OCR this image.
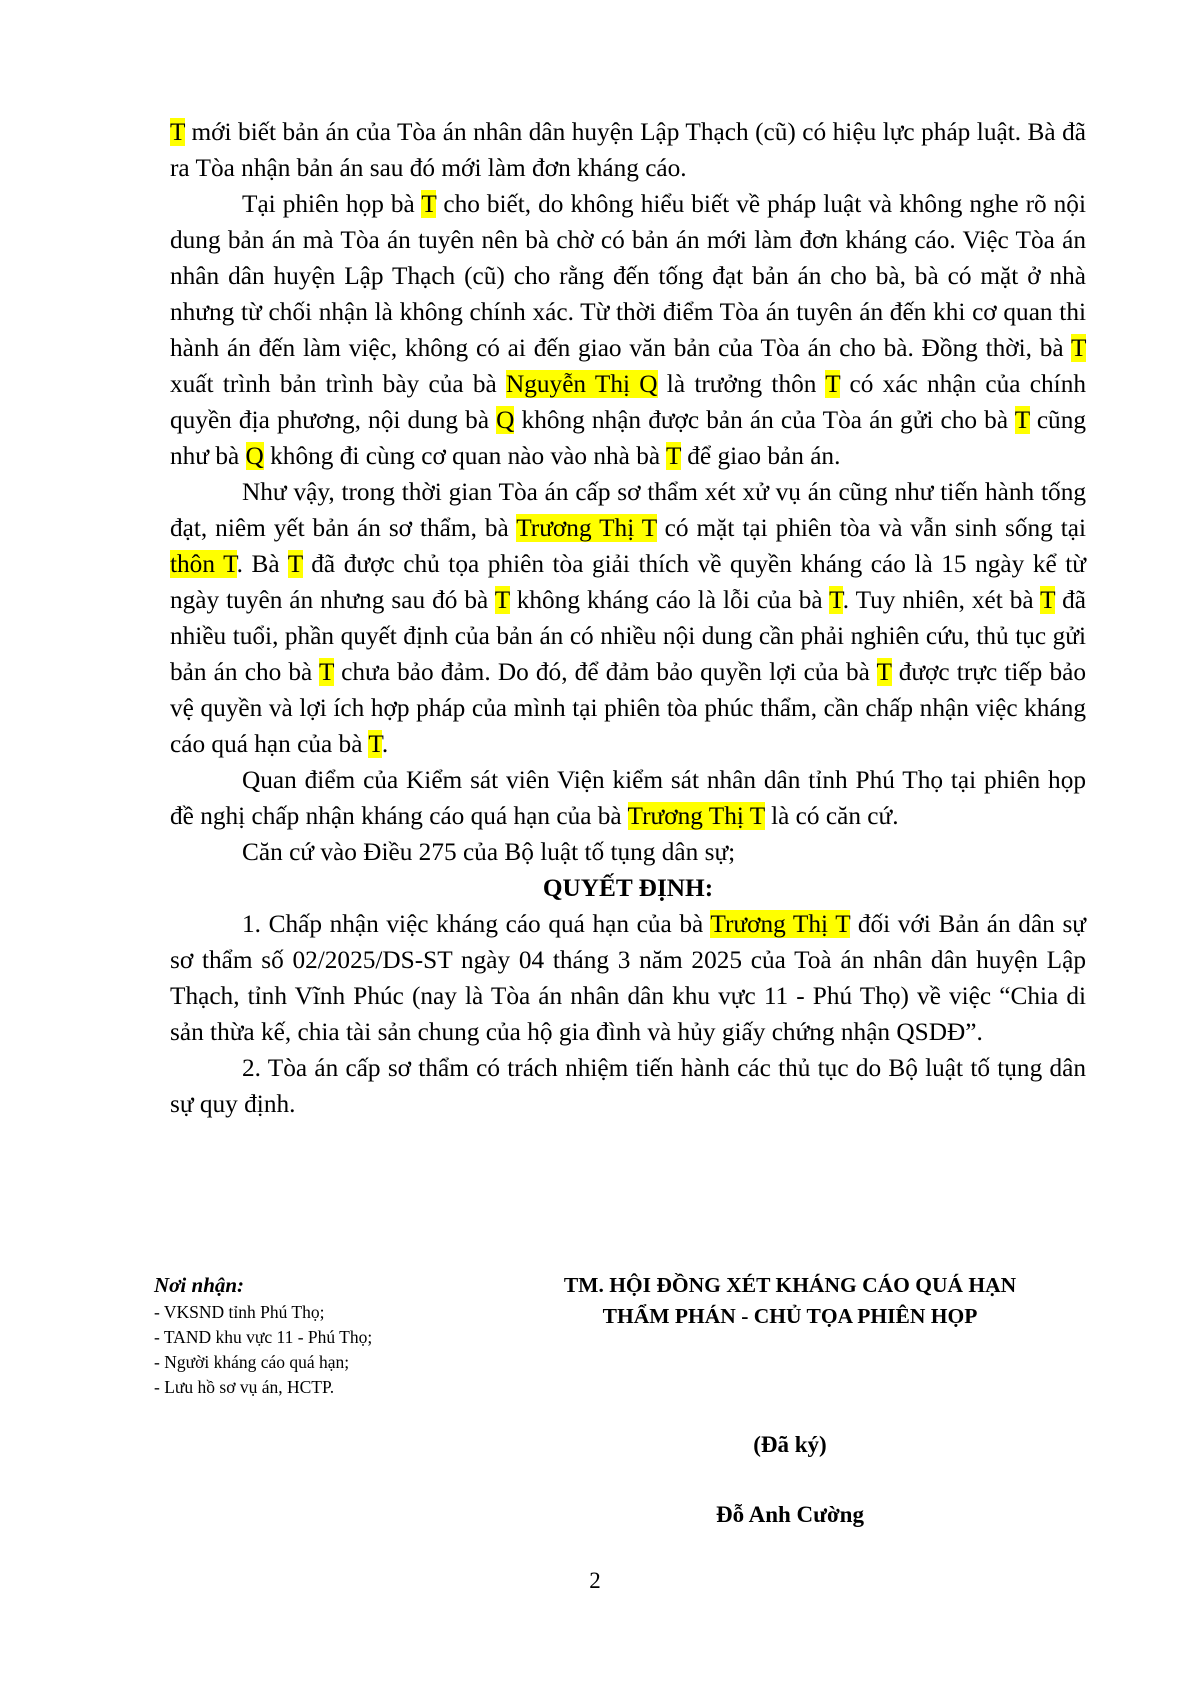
T mới biết bản án của Tòa án nhân dân huyện Lập Thạch (cũ) có hiệu lực pháp luật. Bà đã ra Tòa nhận bản án sau đó mới làm đơn kháng cáo.

Tại phiên họp bà T cho biết, do không hiểu biết về pháp luật và không nghe rõ nội dung bản án mà Tòa án tuyên nên bà chờ có bản án mới làm đơn kháng cáo. Việc Tòa án nhân dân huyện Lập Thạch (cũ) cho rằng đến tống đạt bản án cho bà, bà có mặt ở nhà nhưng từ chối nhận là không chính xác. Từ thời điểm Tòa án tuyên án đến khi cơ quan thi hành án đến làm việc, không có ai đến giao văn bản của Tòa án cho bà. Đồng thời, bà T xuất trình bản trình bày của bà Nguyễn Thị Q là trưởng thôn T có xác nhận của chính quyền địa phương, nội dung bà Q không nhận được bản án của Tòa án gửi cho bà T cũng như bà Q không đi cùng cơ quan nào vào nhà bà T để giao bản án.

Như vậy, trong thời gian Tòa án cấp sơ thẩm xét xử vụ án cũng như tiến hành tống đạt, niêm yết bản án sơ thẩm, bà Trương Thị T có mặt tại phiên tòa và vẫn sinh sống tại thôn T. Bà T đã được chủ tọa phiên tòa giải thích về quyền kháng cáo là 15 ngày kể từ ngày tuyên án nhưng sau đó bà T không kháng cáo là lỗi của bà T. Tuy nhiên, xét bà T đã nhiều tuổi, phần quyết định của bản án có nhiều nội dung cần phải nghiên cứu, thủ tục gửi bản án cho bà T chưa bảo đảm. Do đó, để đảm bảo quyền lợi của bà T được trực tiếp bảo vệ quyền và lợi ích hợp pháp của mình tại phiên tòa phúc thẩm, cần chấp nhận việc kháng cáo quá hạn của bà T.

Quan điểm của Kiểm sát viên Viện kiểm sát nhân dân tỉnh Phú Thọ tại phiên họp đề nghị chấp nhận kháng cáo quá hạn của bà Trương Thị T là có căn cứ.

Căn cứ vào Điều 275 của Bộ luật tố tụng dân sự;

QUYẾT ĐỊNH:

1. Chấp nhận việc kháng cáo quá hạn của bà Trương Thị T đối với Bản án dân sự sơ thẩm số 02/2025/DS-ST ngày 04 tháng 3 năm 2025 của Toà án nhân dân huyện Lập Thạch, tỉnh Vĩnh Phúc (nay là Tòa án nhân dân khu vực 11 - Phú Thọ) về việc “Chia di sản thừa kế, chia tài sản chung của hộ gia đình và hủy giấy chứng nhận QSDĐ”.

2. Tòa án cấp sơ thẩm có trách nhiệm tiến hành các thủ tục do Bộ luật tố tụng dân sự quy định.

Nơi nhận:

- VKSND tỉnh Phú Thọ;

- TAND khu vực 11 - Phú Thọ;

- Người kháng cáo quá hạn;

- Lưu hồ sơ vụ án, HCTP.

TM. HỘI ĐỒNG XÉT KHÁNG CÁO QUÁ HẠN

THẨM PHÁN - CHỦ TỌA PHIÊN HỌP

(Đã ký)

Đỗ Anh Cường

2
